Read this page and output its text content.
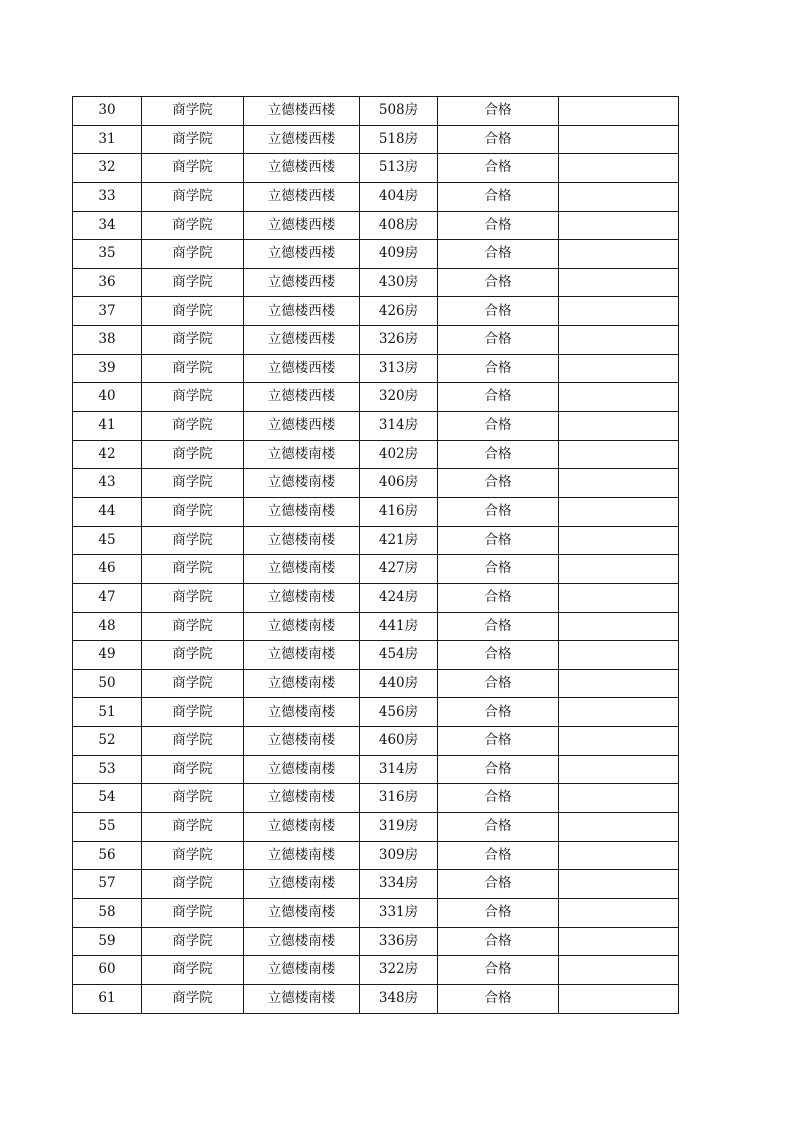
30	商学院	立德楼西楼	508房	合格	
31	商学院	立德楼西楼	518房	合格	
32	商学院	立德楼西楼	513房	合格	
33	商学院	立德楼西楼	404房	合格	
34	商学院	立德楼西楼	408房	合格	
35	商学院	立德楼西楼	409房	合格	
36	商学院	立德楼西楼	430房	合格	
37	商学院	立德楼西楼	426房	合格	
38	商学院	立德楼西楼	326房	合格	
39	商学院	立德楼西楼	313房	合格	
40	商学院	立德楼西楼	320房	合格	
41	商学院	立德楼西楼	314房	合格	
42	商学院	立德楼南楼	402房	合格	
43	商学院	立德楼南楼	406房	合格	
44	商学院	立德楼南楼	416房	合格	
45	商学院	立德楼南楼	421房	合格	
46	商学院	立德楼南楼	427房	合格	
47	商学院	立德楼南楼	424房	合格	
48	商学院	立德楼南楼	441房	合格	
49	商学院	立德楼南楼	454房	合格	
50	商学院	立德楼南楼	440房	合格	
51	商学院	立德楼南楼	456房	合格	
52	商学院	立德楼南楼	460房	合格	
53	商学院	立德楼南楼	314房	合格	
54	商学院	立德楼南楼	316房	合格	
55	商学院	立德楼南楼	319房	合格	
56	商学院	立德楼南楼	309房	合格	
57	商学院	立德楼南楼	334房	合格	
58	商学院	立德楼南楼	331房	合格	
59	商学院	立德楼南楼	336房	合格	
60	商学院	立德楼南楼	322房	合格	
61	商学院	立德楼南楼	348房	合格	
